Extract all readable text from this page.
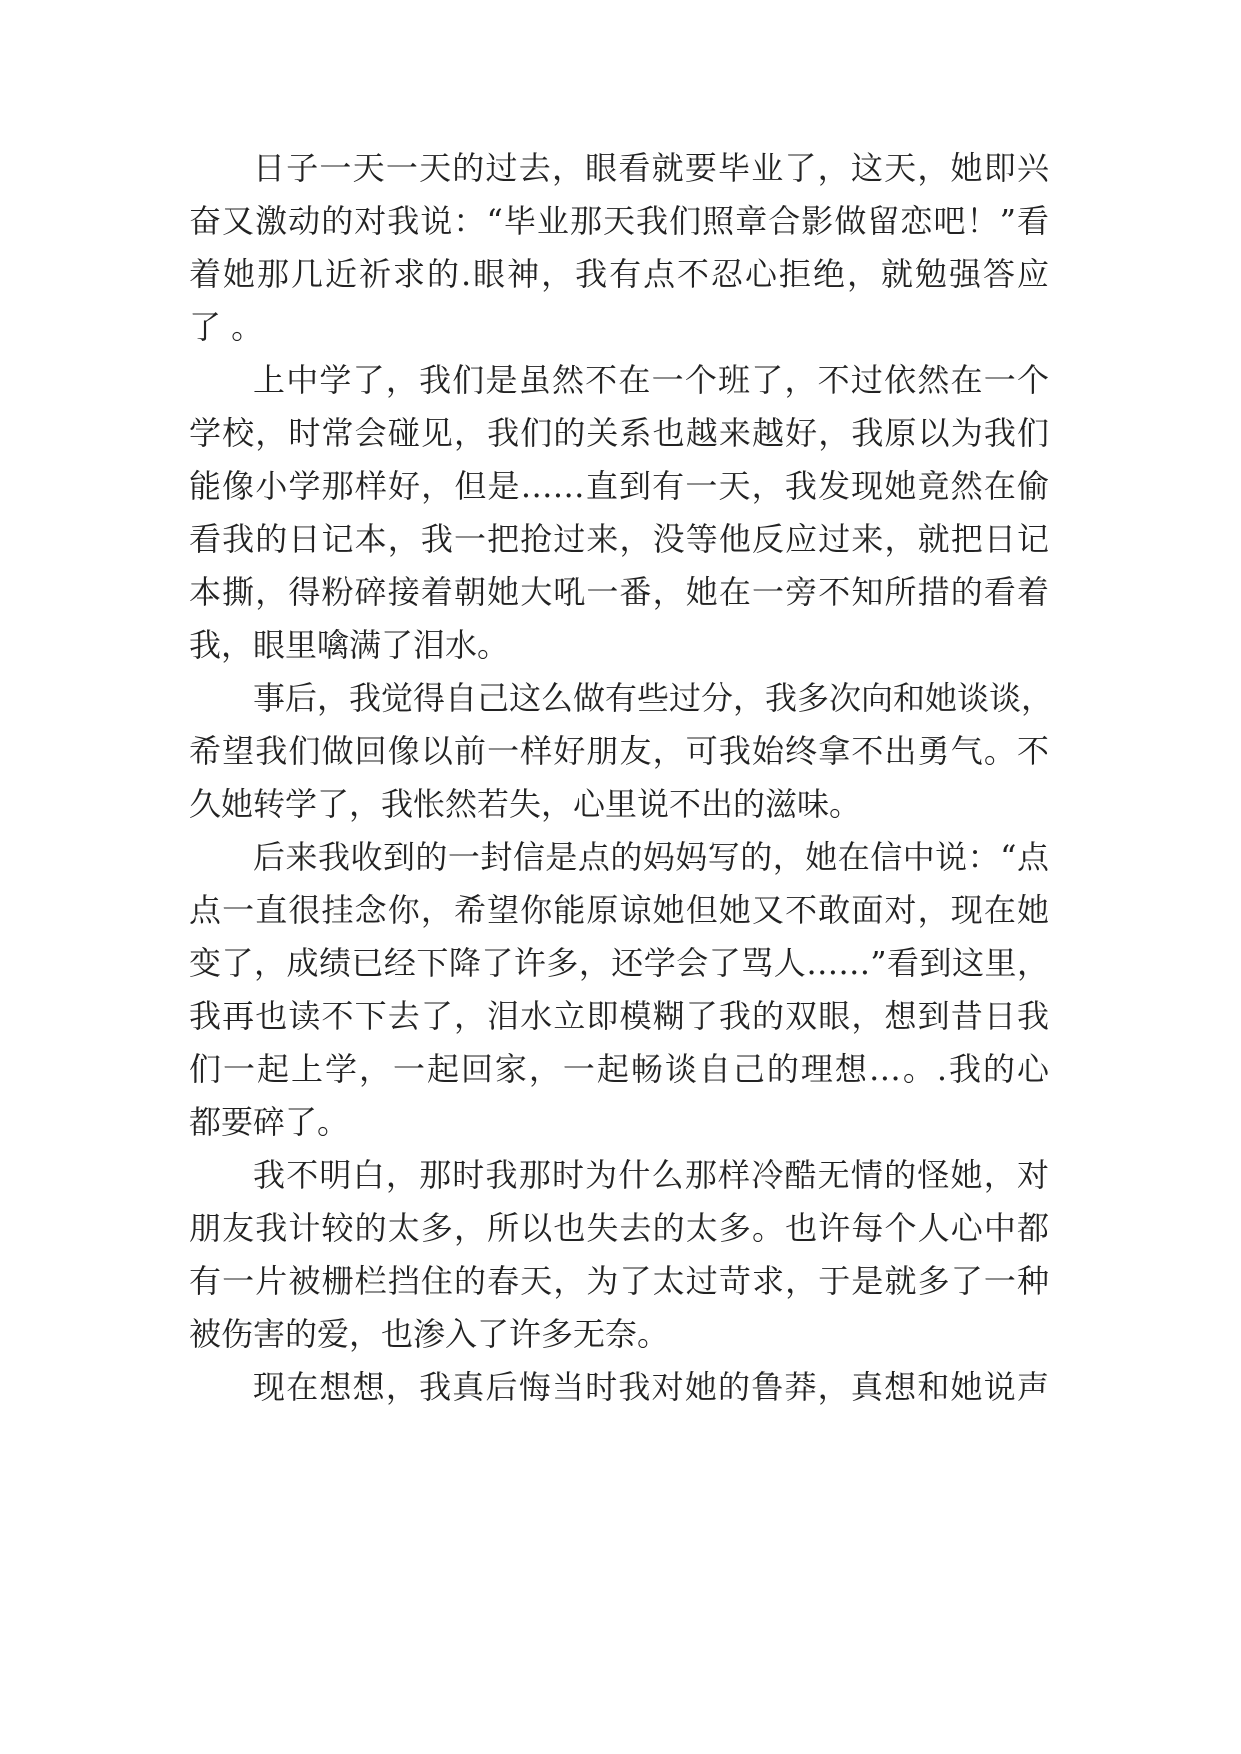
日子一天一天的过去，眼看就要毕业了，这天，她即兴

奋又激动的对我说：“毕业那天我们照章合影做留恋吧！”看

着她那几近祈求的.眼神，我有点不忍心拒绝，就勉强答应

了 。

上中学了，我们是虽然不在一个班了，不过依然在一个

学校，时常会碰见，我们的关系也越来越好，我原以为我们

能像小学那样好，但是……直到有一天，我发现她竟然在偷

看我的日记本，我一把抢过来，没等他反应过来，就把日记

本撕，得粉碎接着朝她大吼一番，她在一旁不知所措的看着

我，眼里噙满了泪水。

事后，我觉得自己这么做有些过分，我多次向和她谈谈，

希望我们做回像以前一样好朋友，可我始终拿不出勇气。不

久她转学了，我怅然若失，心里说不出的滋味。

后来我收到的一封信是点的妈妈写的，她在信中说：“点

点一直很挂念你，希望你能原谅她但她又不敢面对，现在她

变了，成绩已经下降了许多，还学会了骂人……”看到这里，

我再也读不下去了，泪水立即模糊了我的双眼，想到昔日我

们一起上学，一起回家，一起畅谈自己的理想…。.我的心

都要碎了。

我不明白，那时我那时为什么那样冷酷无情的怪她，对

朋友我计较的太多，所以也失去的太多。也许每个人心中都

有一片被栅栏挡住的春天，为了太过苛求，于是就多了一种

被伤害的爱，也渗入了许多无奈。

现在想想，我真后悔当时我对她的鲁莽，真想和她说声
